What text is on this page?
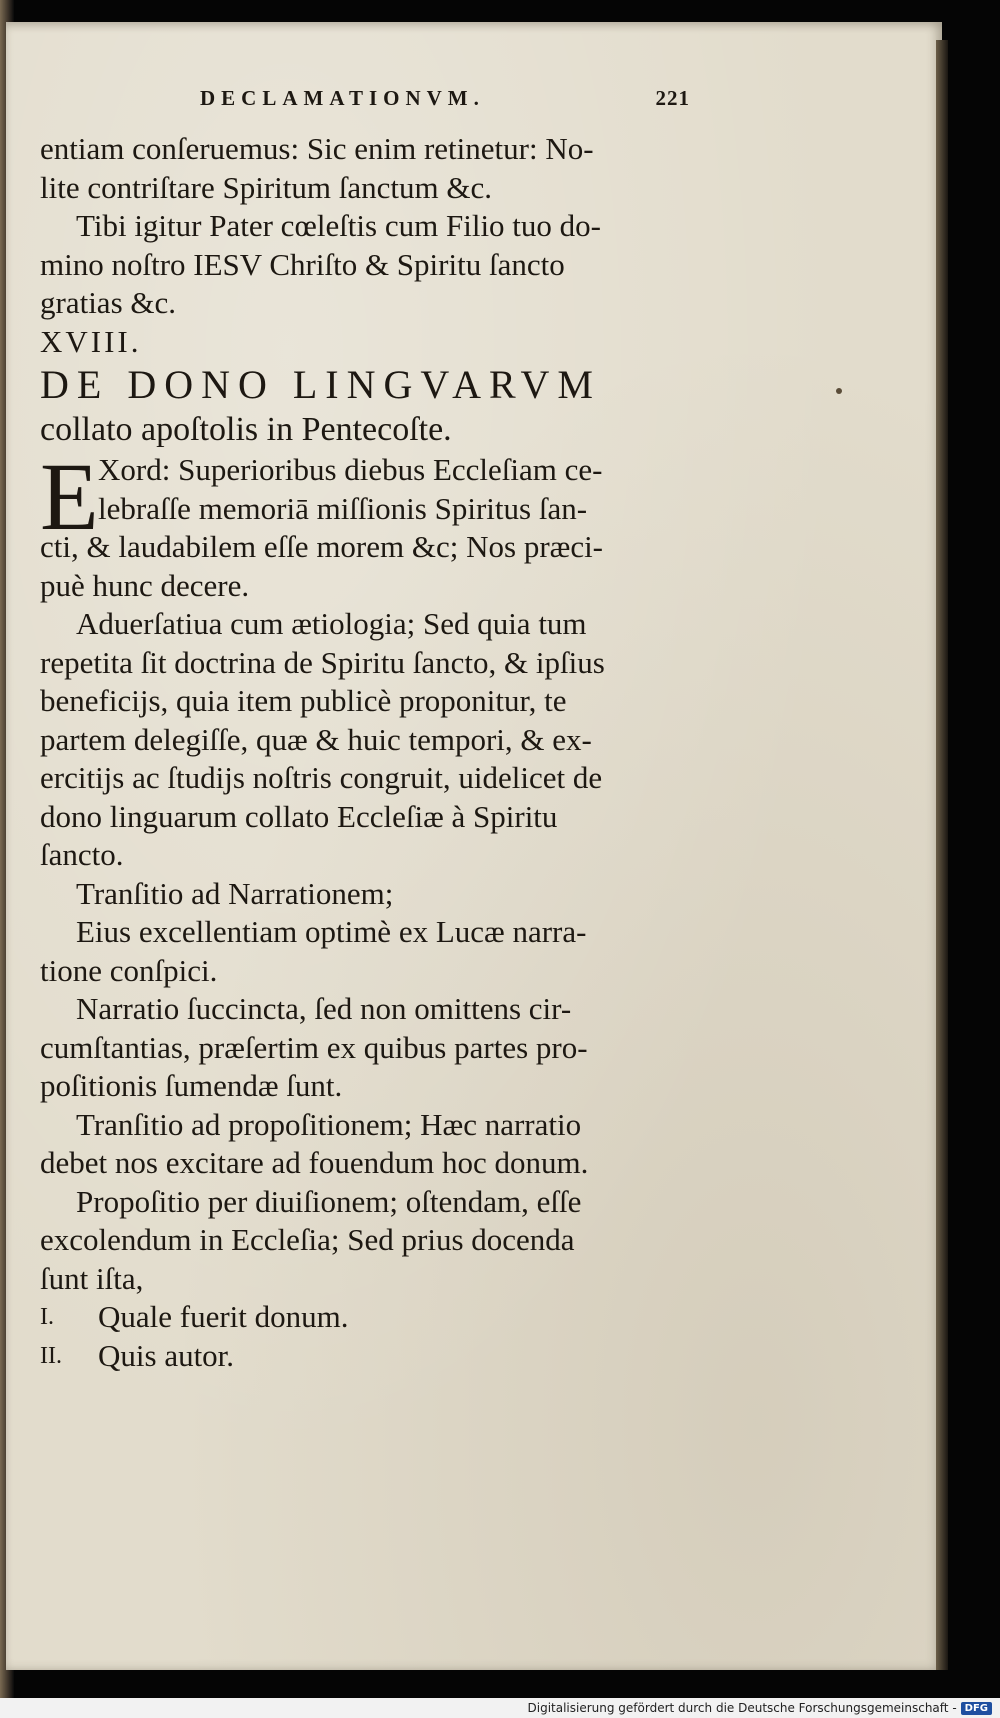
DECLAMATIONVM.	221

entiam conſeruemus: Sic enim retinetur: No-
lite contriſtare Spiritum ſanctum &c.

Tibi igitur Pater cœleſtis cum Filio tuo do-
mino noſtro IESV Chriſto & Spiritu ſancto
gratias &c.

XVIII.

DE DONO LINGVARVM

collato apoſtolis in Pentecoſte.

E Xord: Superioribus diebus Eccleſiam ce-
lebraſſe memoriā miſſionis Spiritus ſan-

cti, & laudabilem eſſe morem &c; Nos præci-
puè hunc decere.

Aduerſatiua cum ætiologia; Sed quia tum
repetita ſit doctrina de Spiritu ſancto, & ipſius
beneficijs, quia item publicè proponitur, te
partem delegiſſe, quæ & huic tempori, & ex-
ercitijs ac ſtudijs noſtris congruit, uidelicet de
dono linguarum collato Eccleſiæ à Spiritu
ſancto.

Tranſitio ad Narrationem;

Eius excellentiam optimè ex Lucæ narra-
tione conſpici.

Narratio ſuccincta, ſed non omittens cir-
cumſtantias, præſertim ex quibus partes pro-
poſitionis ſumendæ ſunt.

Tranſitio ad propoſitionem; Hæc narratio
debet nos excitare ad fouendum hoc donum.

Propoſitio per diuiſionem; oſtendam, eſſe
excolendum in Eccleſia; Sed prius docenda
ſunt iſta,

I.	Quale fuerit donum.
II.	Quis autor.
Digitalisierung gefördert durch die Deutsche Forschungsgemeinschaft - DFG
